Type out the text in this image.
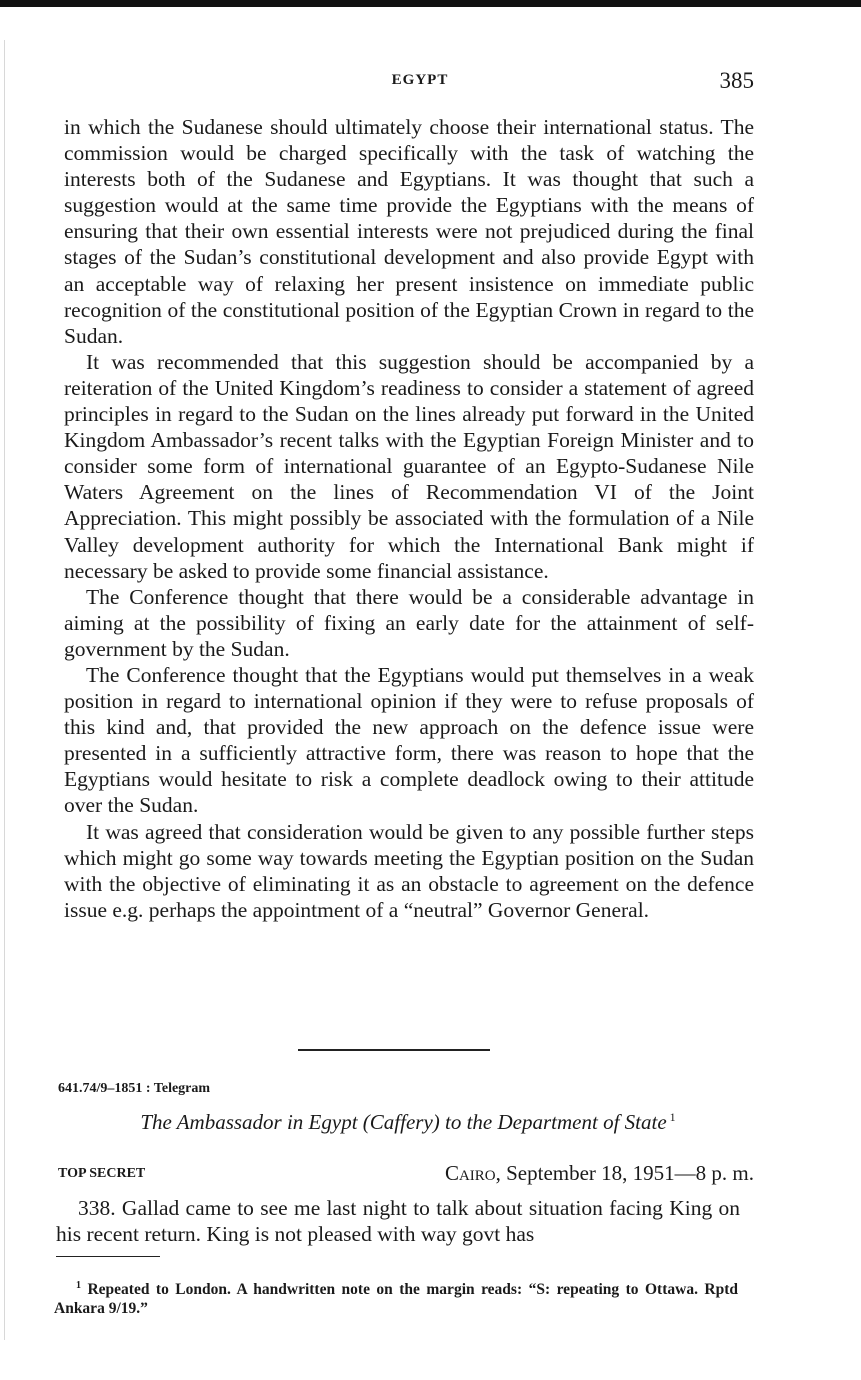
EGYPT	385

in which the Sudanese should ultimately choose their international status. The commission would be charged specifically with the task of watching the interests both of the Sudanese and Egyptians. It was thought that such a suggestion would at the same time provide the Egyptians with the means of ensuring that their own essential interests were not prejudiced during the final stages of the Sudan’s constitutional development and also provide Egypt with an acceptable way of relaxing her present insistence on immediate public recognition of the constitutional position of the Egyptian Crown in regard to the Sudan.

It was recommended that this suggestion should be accompanied by a reiteration of the United Kingdom’s readiness to consider a statement of agreed principles in regard to the Sudan on the lines already put forward in the United Kingdom Ambassador’s recent talks with the Egyptian Foreign Minister and to consider some form of international guarantee of an Egypto-Sudanese Nile Waters Agreement on the lines of Recommendation VI of the Joint Appreciation. This might possibly be associated with the formulation of a Nile Valley development authority for which the International Bank might if necessary be asked to provide some financial assistance.

The Conference thought that there would be a considerable advantage in aiming at the possibility of fixing an early date for the attainment of self-government by the Sudan.

The Conference thought that the Egyptians would put themselves in a weak position in regard to international opinion if they were to refuse proposals of this kind and, that provided the new approach on the defence issue were presented in a sufficiently attractive form, there was reason to hope that the Egyptians would hesitate to risk a complete deadlock owing to their attitude over the Sudan.

It was agreed that consideration would be given to any possible further steps which might go some way towards meeting the Egyptian position on the Sudan with the objective of eliminating it as an obstacle to agreement on the defence issue e.g. perhaps the appointment of a “neutral” Governor General.

641.74/9–1851 : Telegram
The Ambassador in Egypt (Caffery) to the Department of State $^1$
TOP SECRET	Cairo, September 18, 1951—8 p. m.

338. Gallad came to see me last night to talk about situation facing King on his recent return. King is not pleased with way govt has

$^1$ Repeated to London. A handwritten note on the margin reads: “S: repeating to Ottawa. Rptd Ankara 9/19.”
